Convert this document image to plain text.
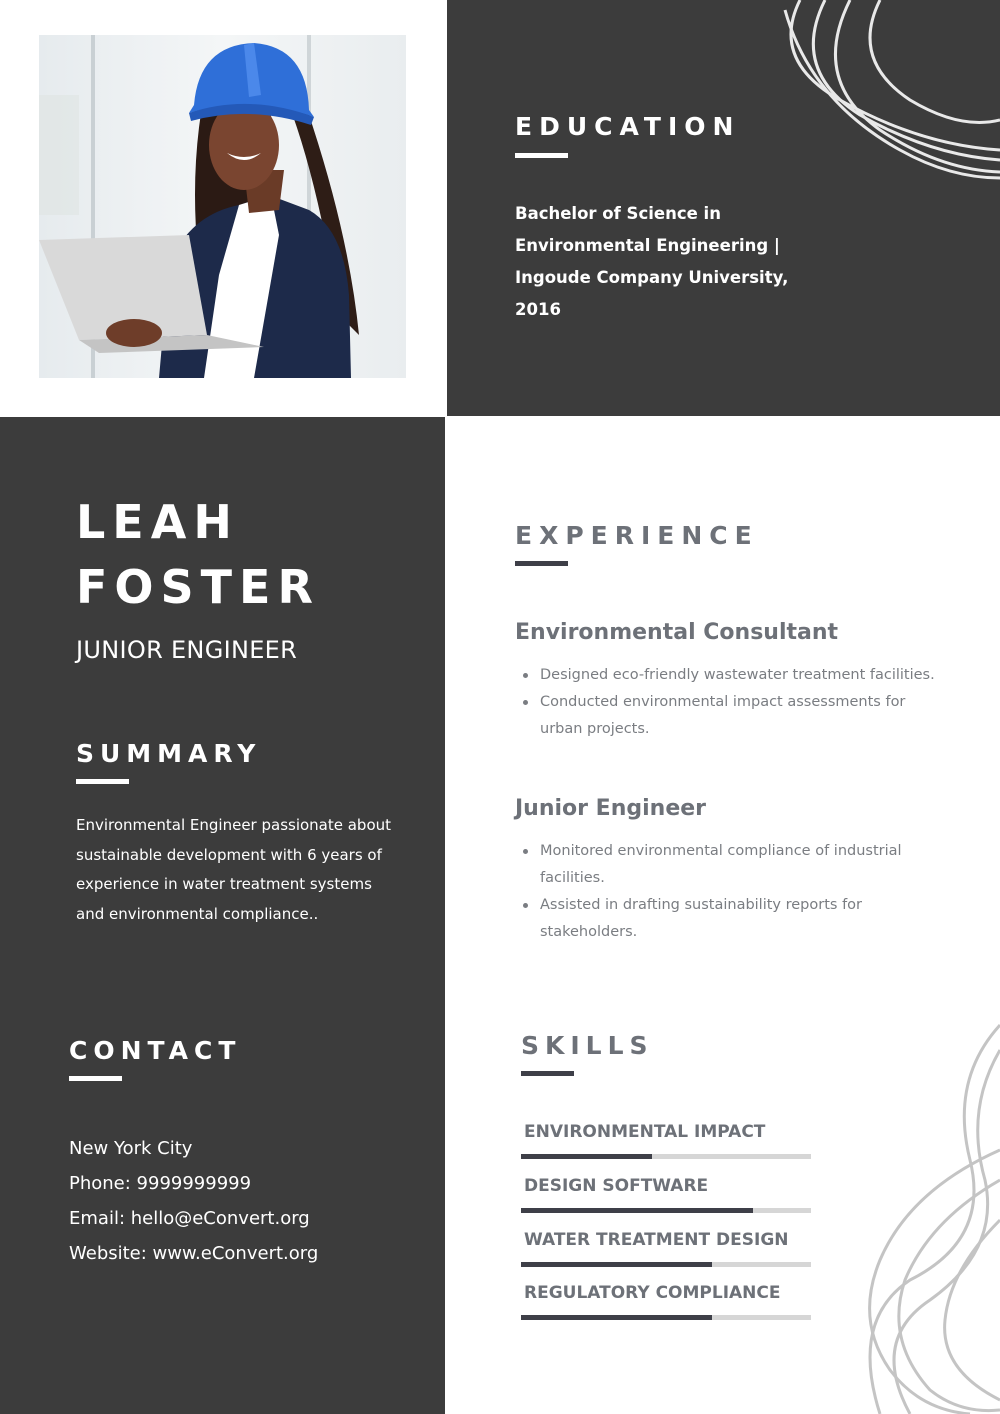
EDUCATION
Bachelor of Science in Environmental Engineering | Ingoude Company University, 2016
LEAH
FOSTER
JUNIOR ENGINEER
SUMMARY
Environmental Engineer passionate about sustainable development with 6 years of experience in water treatment systems and environmental compliance..
CONTACT
New York City
Phone: 9999999999
Email: hello@eConvert.org
Website: www.eConvert.org
EXPERIENCE
Environmental Consultant
Designed eco-friendly wastewater treatment facilities.
Conducted environmental impact assessments for urban projects.
Junior Engineer
Monitored environmental compliance of industrial facilities.
Assisted in drafting sustainability reports for stakeholders.
SKILLS
ENVIRONMENTAL IMPACT
DESIGN SOFTWARE
WATER TREATMENT DESIGN
REGULATORY COMPLIANCE
